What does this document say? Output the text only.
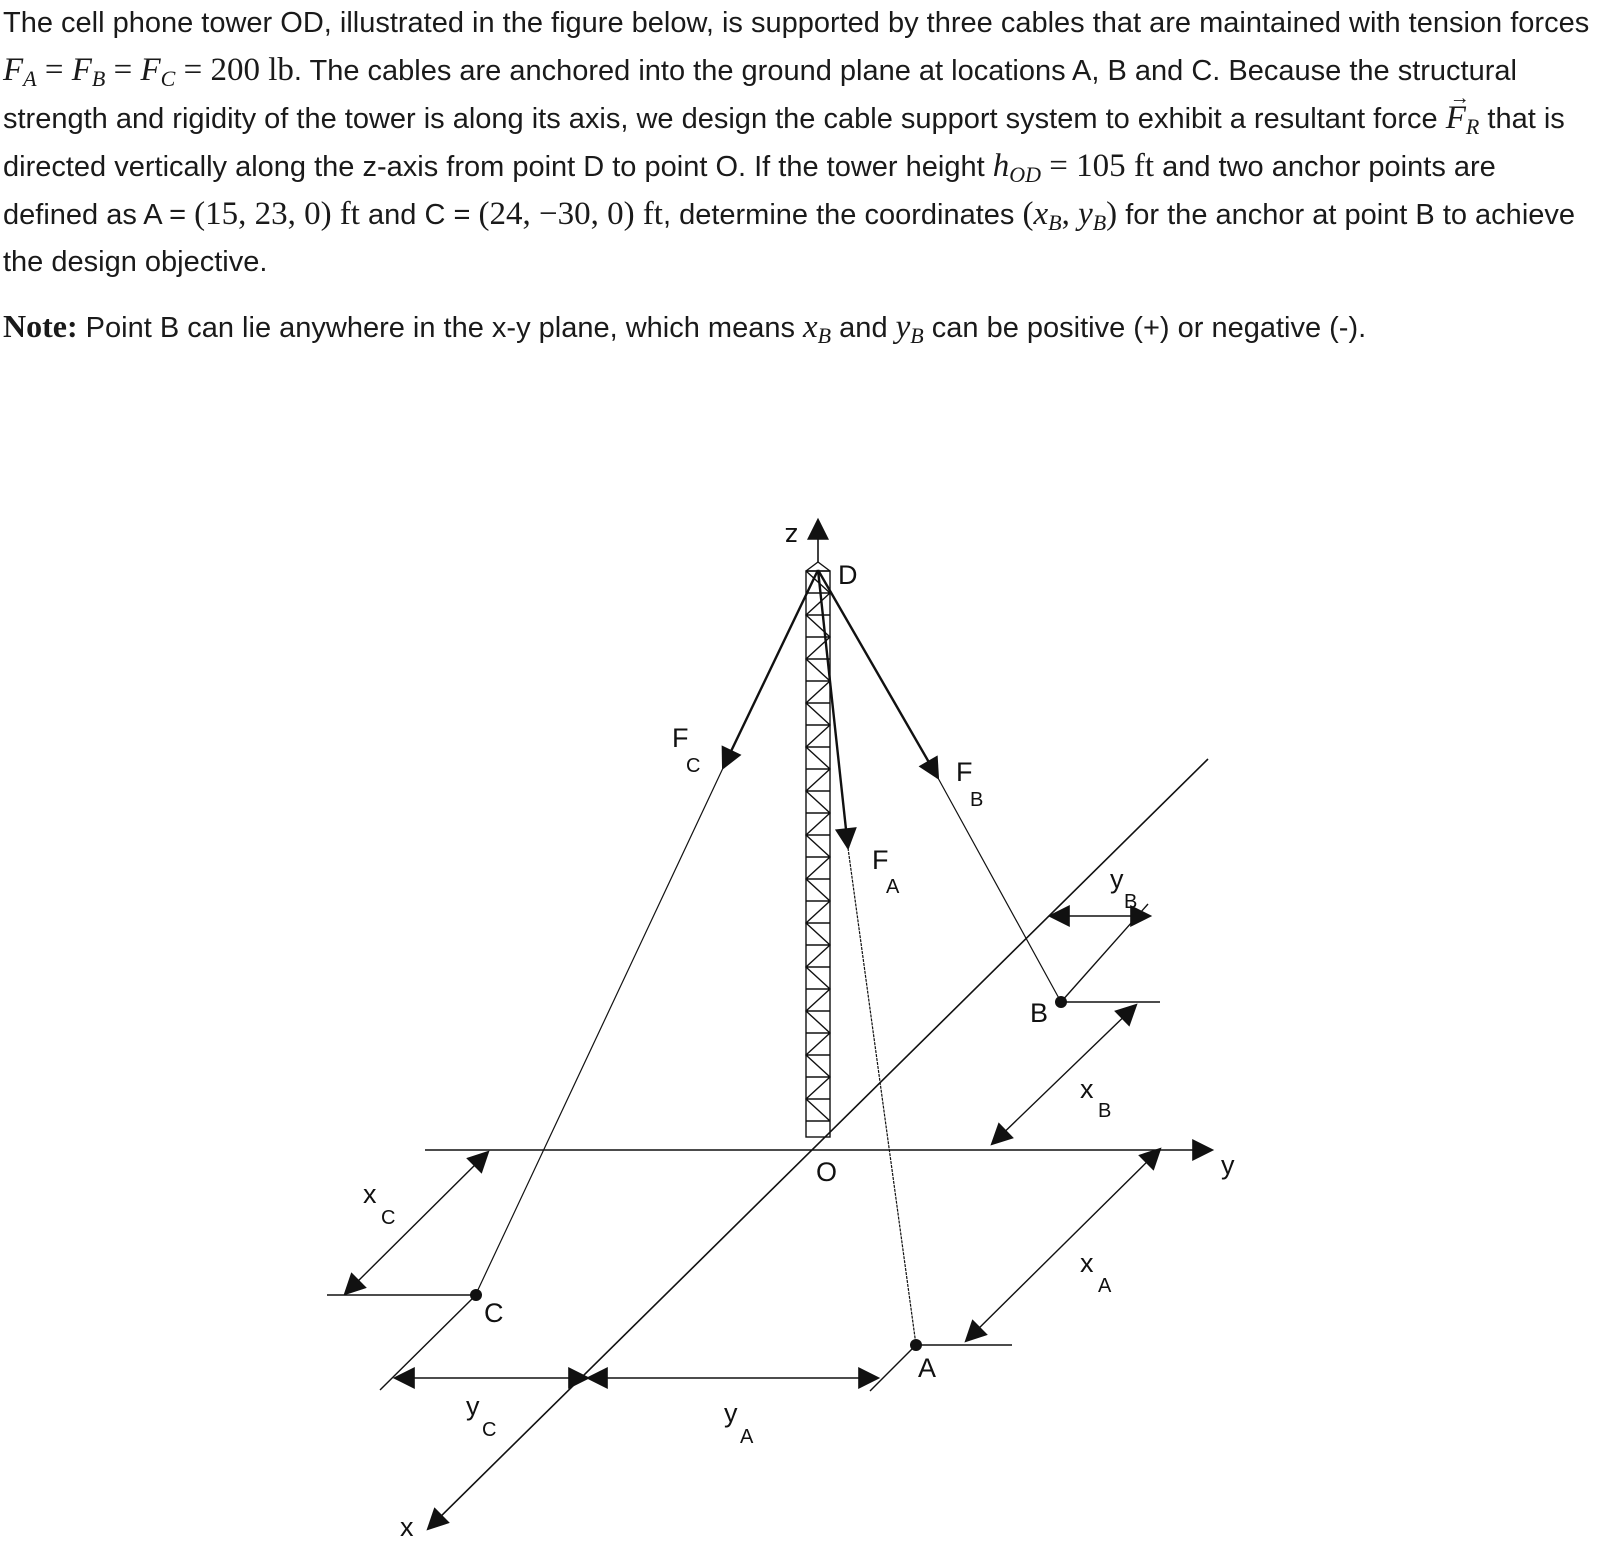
The cell phone tower OD, illustrated in the figure below, is supported by three cables that are maintained with tension forces $F_A = F_B = F_C = 200$ lb. The cables are anchored into the ground plane at locations A, B and C. Because the structural strength and rigidity of the tower is along its axis, we design the cable support system to exhibit a resultant force → $F_R$ that is directed vertically along the z-axis from point D to point O. If the tower height $h_{OD} = 105$ ft and two anchor points are defined as A = (15, 23, 0) ft and C = (24, −30, 0) ft, determine the coordinates ($x_B$, $y_B$) for the anchor at point B to achieve the design objective.

Note: Point B can lie anywhere in the x-y plane, which means $x_B$ and $y_B$ can be positive (+) or negative (-).

z
D
O	y
x
C
A
B
F
C	F
B
F
A
x
C
y
C
y
A
x
A
y
B
x
B
